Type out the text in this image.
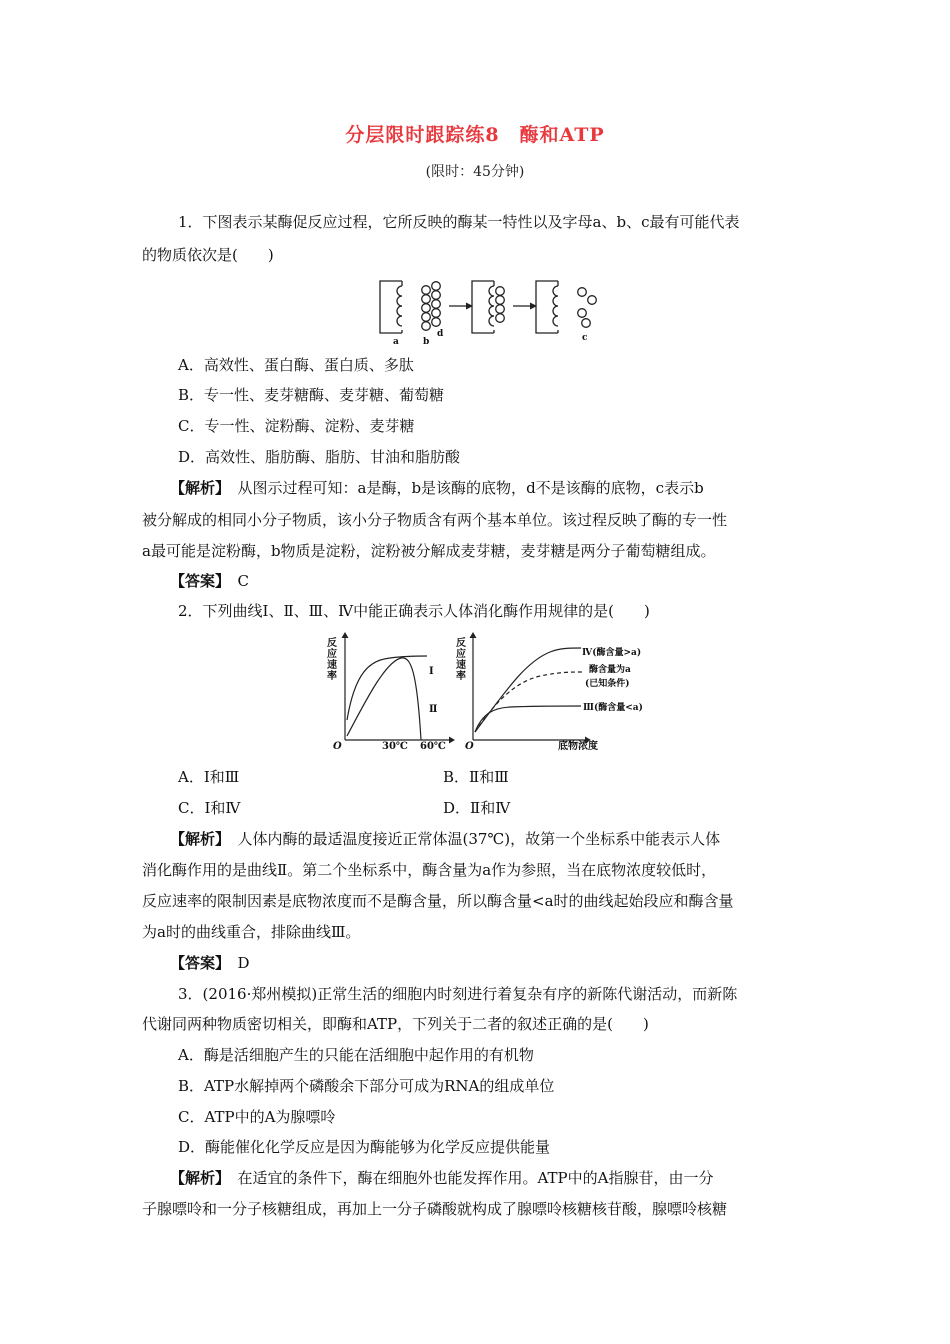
分层限时跟踪练8　酶和ATP
(限时：45分钟)
1．下图表示某酶促反应过程，它所反映的酶某一特性以及字母a、b、c最有可能代表
的物质依次是(　　)
a	b
d	c
A．高效性、蛋白酶、蛋白质、多肽
B．专一性、麦芽糖酶、麦芽糖、葡萄糖
C．专一性、淀粉酶、淀粉、麦芽糖
D．高效性、脂肪酶、脂肪、甘油和脂肪酸
【解析】　从图示过程可知：a是酶，b是该酶的底物，d不是该酶的底物，c表示b
被分解成的相同小分子物质，该小分子物质含有两个基本单位。该过程反映了酶的专一性
a最可能是淀粉酶，b物质是淀粉，淀粉被分解成麦芽糖，麦芽糖是两分子葡萄糖组成。
【答案】　C
2．下列曲线Ⅰ、Ⅱ、Ⅲ、Ⅳ中能正确表示人体消化酶作用规律的是(　　)
反
应
速
率
O	30℃ 60℃
Ⅰ
Ⅱ
反
应
速
率
O	底物浓度
Ⅳ(酶含量>a)
酶含量为a
(已知条件)
Ⅲ(酶含量<a)
A．Ⅰ和Ⅲ	B．Ⅱ和Ⅲ
C．Ⅰ和Ⅳ	D．Ⅱ和Ⅳ
【解析】　人体内酶的最适温度接近正常体温(37℃)，故第一个坐标系中能表示人体
消化酶作用的是曲线Ⅱ。第二个坐标系中，酶含量为a作为参照，当在底物浓度较低时，
反应速率的限制因素是底物浓度而不是酶含量，所以酶含量<a时的曲线起始段应和酶含量
为a时的曲线重合，排除曲线Ⅲ。
【答案】　D
3．(2016·郑州模拟)正常生活的细胞内时刻进行着复杂有序的新陈代谢活动，而新陈
代谢同两种物质密切相关，即酶和ATP，下列关于二者的叙述正确的是(　　)
A．酶是活细胞产生的只能在活细胞中起作用的有机物
B．ATP水解掉两个磷酸余下部分可成为RNA的组成单位
C．ATP中的A为腺嘌呤
D．酶能催化化学反应是因为酶能够为化学反应提供能量
【解析】　在适宜的条件下，酶在细胞外也能发挥作用。ATP中的A指腺苷，由一分
子腺嘌呤和一分子核糖组成，再加上一分子磷酸就构成了腺嘌呤核糖核苷酸，腺嘌呤核糖
